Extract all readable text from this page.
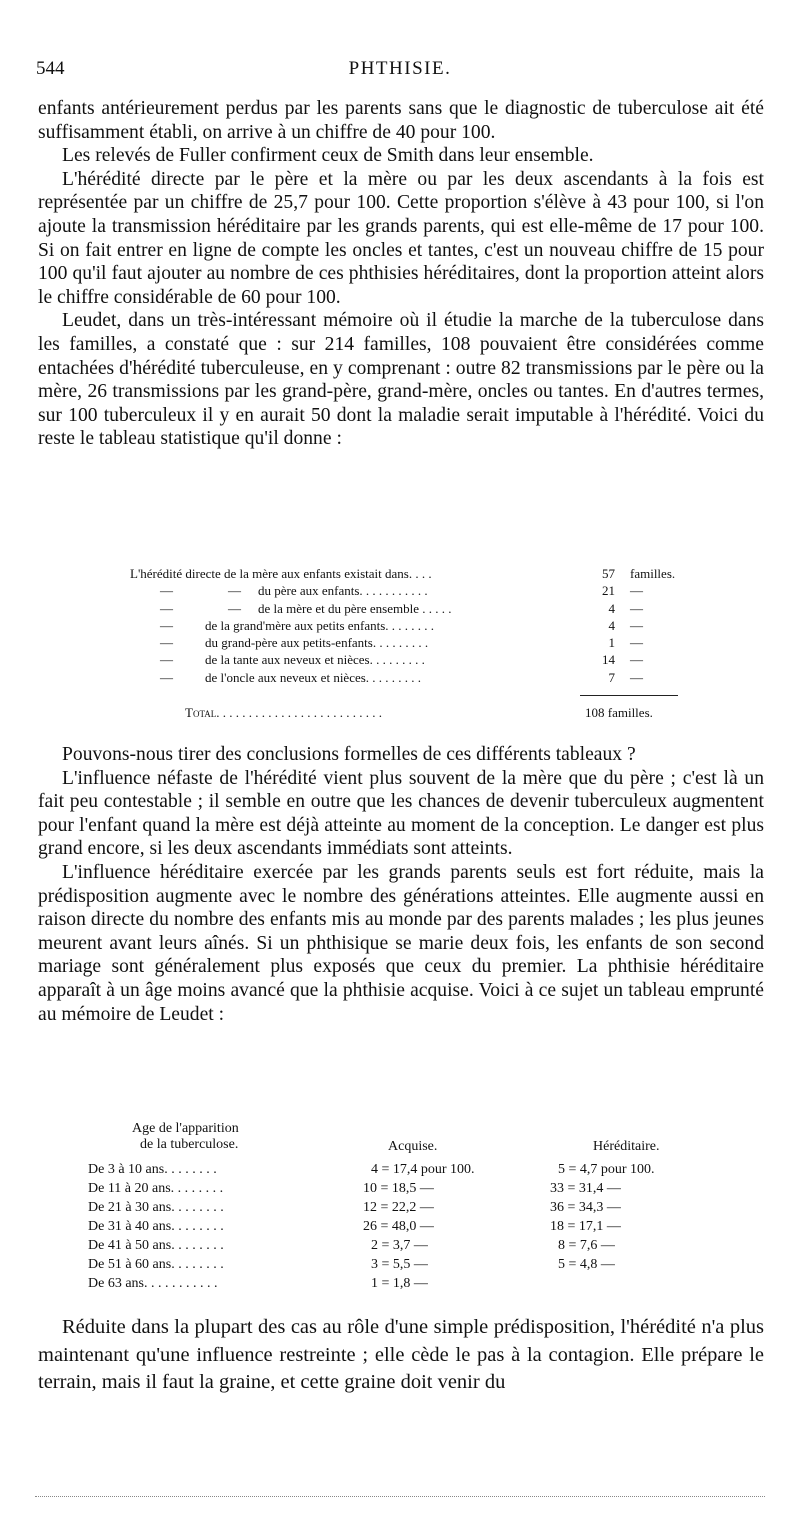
544	PHTHISIE.

enfants antérieurement perdus par les parents sans que le diagnostic de tuberculose ait été suffisamment établi, on arrive à un chiffre de 40 pour 100.

Les relevés de Fuller confirment ceux de Smith dans leur ensemble.

L'hérédité directe par le père et la mère ou par les deux ascendants à la fois est représentée par un chiffre de 25,7 pour 100. Cette proportion s'élève à 43 pour 100, si l'on ajoute la transmission héréditaire par les grands parents, qui est elle-même de 17 pour 100. Si on fait entrer en ligne de compte les oncles et tantes, c'est un nouveau chiffre de 15 pour 100 qu'il faut ajouter au nombre de ces phthisies héréditaires, dont la proportion atteint alors le chiffre considérable de 60 pour 100.

Leudet, dans un très-intéressant mémoire où il étudie la marche de la tuberculose dans les familles, a constaté que : sur 214 familles, 108 pouvaient être considérées comme entachées d'hérédité tuberculeuse, en y comprenant : outre 82 transmissions par le père ou la mère, 26 transmissions par les grand-père, grand-mère, oncles ou tantes. En d'autres termes, sur 100 tuberculeux il y en aurait 50 dont la maladie serait imputable à l'hérédité. Voici du reste le tableau statistique qu'il donne :

L'hérédité directe de la mère aux enfants existait dans. . . .	57 familles.
—	— du père aux enfants. . . . . . . . . . .	21 —
—	— de la mère et du père ensemble . . . . .	4 —
— de la grand'mère aux petits enfants. . . . . . . .	4 —
— du grand-père aux petits-enfants. . . . . . . . .	1 —
— de la tante aux neveux et nièces. . . . . . . . .	14 —
— de l'oncle aux neveux et nièces. . . . . . . . .	7 —
Total. . . . . . . . . . . . . . . . . . . . . . . . . .	108 familles.

Pouvons-nous tirer des conclusions formelles de ces différents tableaux ?

L'influence néfaste de l'hérédité vient plus souvent de la mère que du père ; c'est là un fait peu contestable ; il semble en outre que les chances de devenir tuberculeux augmentent pour l'enfant quand la mère est déjà atteinte au moment de la conception. Le danger est plus grand encore, si les deux ascendants immédiats sont atteints.

L'influence héréditaire exercée par les grands parents seuls est fort réduite, mais la prédisposition augmente avec le nombre des générations atteintes. Elle augmente aussi en raison directe du nombre des enfants mis au monde par des parents malades ; les plus jeunes meurent avant leurs aînés. Si un phthisique se marie deux fois, les enfants de son second mariage sont généralement plus exposés que ceux du premier. La phthisie héréditaire apparaît à un âge moins avancé que la phthisie acquise. Voici à ce sujet un tableau emprunté au mémoire de Leudet :

Age de l'apparition
de la tuberculose.	Acquise.	Héréditaire.
De 3 à 10 ans. . . . . . . .	4 = 17,4 pour 100.	5 = 4,7 pour 100.
De 11 à 20 ans. . . . . . . .	10 = 18,5 —	33 = 31,4 —
De 21 à 30 ans. . . . . . . .	12 = 22,2 —	36 = 34,3 —
De 31 à 40 ans. . . . . . . .	26 = 48,0 —	18 = 17,1 —
De 41 à 50 ans. . . . . . . .	2 = 3,7 —	8 = 7,6 —
De 51 à 60 ans. . . . . . . .	3 = 5,5 —	5 = 4,8 —
De 63 ans. . . . . . . . . . .	1 = 1,8 —

Réduite dans la plupart des cas au rôle d'une simple prédisposition, l'hérédité n'a plus maintenant qu'une influence restreinte ; elle cède le pas à la contagion. Elle prépare le terrain, mais il faut la graine, et cette graine doit venir du
